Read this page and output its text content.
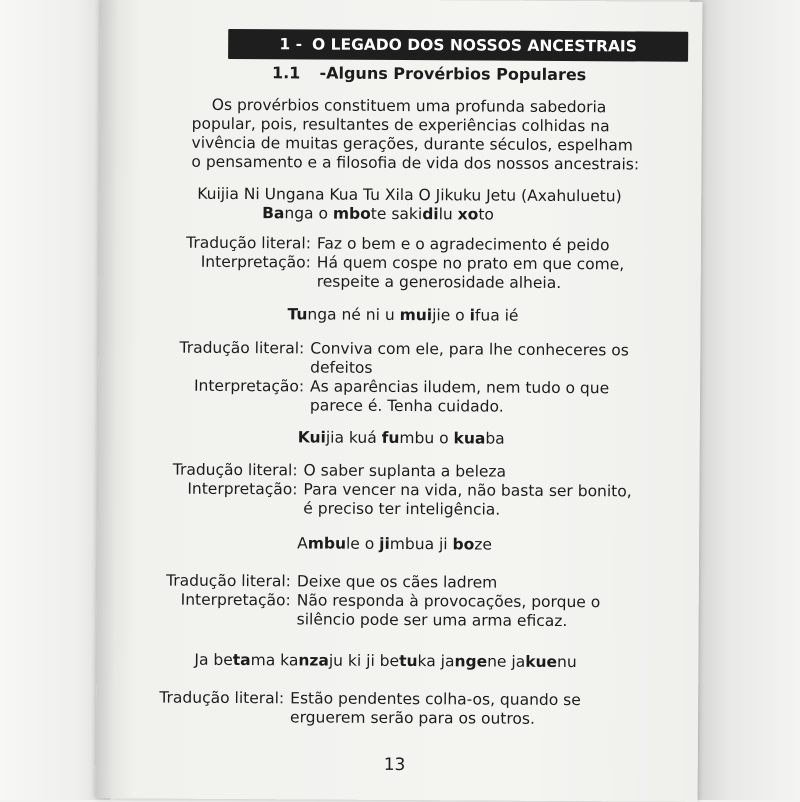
1 - O LEGADO DOS NOSSOS ANCESTRAIS
1.1 -Alguns Provérbios Populares
Os provérbios constituem uma profunda sabedoria
popular, pois, resultantes de experiências colhidas na
vivência de muitas gerações, durante séculos, espelham
o pensamento e a filosofia de vida dos nossos ancestrais:
Kuijia Ni Ungana Kua Tu Xila O Jikuku Jetu (Axahuluetu)
Banga o mbote sakidilu xoto
Tradução literal: Faz o bem e o agradecimento é peido
Interpretação: Há quem cospe no prato em que come,
respeite a generosidade alheia.
Tunga né ni u muijie o ifua ié
Tradução literal: Conviva com ele, para lhe conheceres os
defeitos
Interpretação: As aparências iludem, nem tudo o que
parece é. Tenha cuidado.
Kuijia kuá fumbu o kuaba
Tradução literal: O saber suplanta a beleza
Interpretação: Para vencer na vida, não basta ser bonito,
é preciso ter inteligência.
Ambule o jimbua ji boze
Tradução literal: Deixe que os cães ladrem
Interpretação: Não responda à provocações, porque o
silêncio pode ser uma arma eficaz.
Ja betama kanzaju ki ji betuka jangene jakuenu
Tradução literal: Estão pendentes colha-os, quando se
erguerem serão para os outros.
13
